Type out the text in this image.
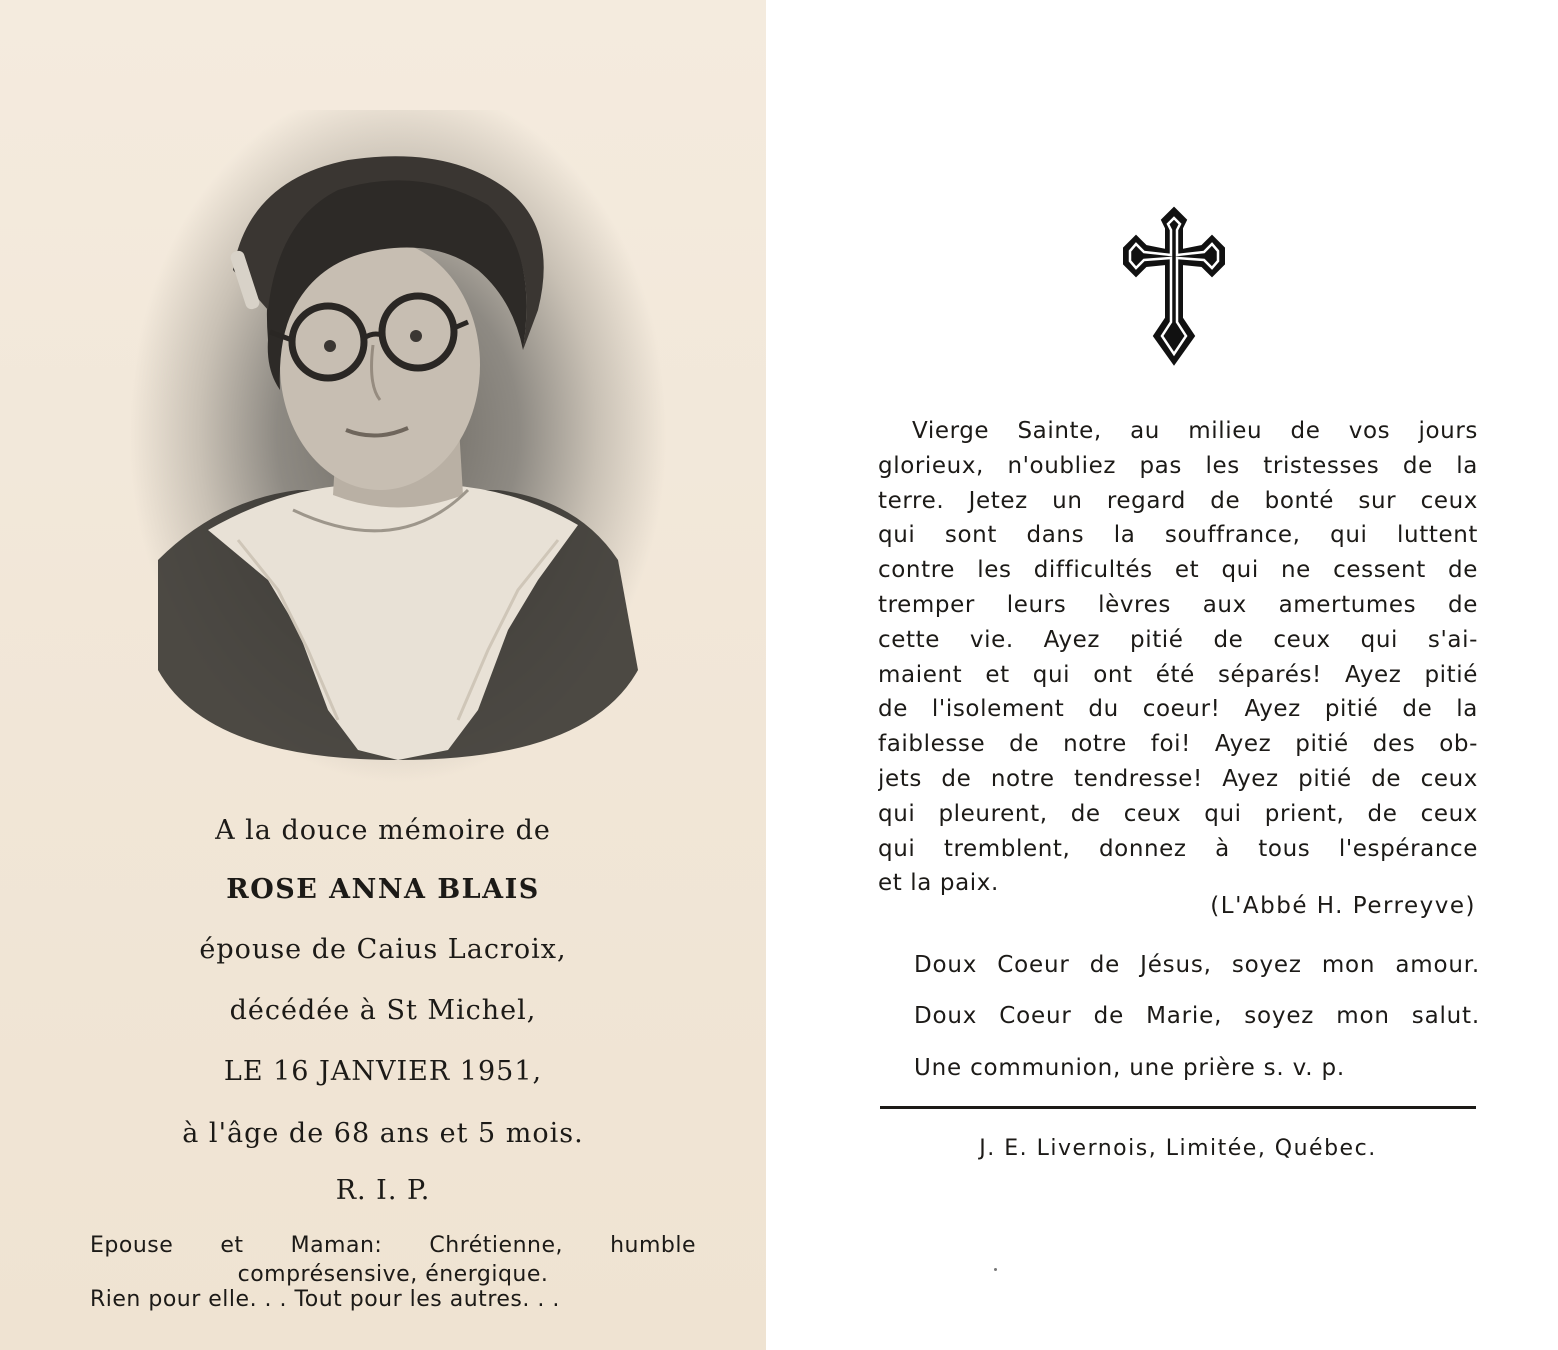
A la douce mémoire de
ROSE ANNA BLAIS
épouse de Caius Lacroix,
décédée à St Michel,
LE 16 JANVIER 1951,
à l'âge de 68 ans et 5 mois.
R. I. P.
Epouse et Maman: Chrétienne, humble
comprésensive, énergique.
Rien pour elle. . . Tout pour les autres. . .
Vierge Sainte, au milieu de vos jours
glorieux, n'oubliez pas les tristesses de la
terre. Jetez un regard de bonté sur ceux
qui sont dans la souffrance, qui luttent
contre les difficultés et qui ne cessent de
tremper leurs lèvres aux amertumes de
cette vie. Ayez pitié de ceux qui s'ai-
maient et qui ont été séparés! Ayez pitié
de l'isolement du coeur! Ayez pitié de la
faiblesse de notre foi! Ayez pitié des ob-
jets de notre tendresse! Ayez pitié de ceux
qui pleurent, de ceux qui prient, de ceux
qui tremblent, donnez à tous l'espérance
et la paix.
(L'Abbé H. Perreyve)
Doux Coeur de Jésus, soyez mon amour.
Doux Coeur de Marie, soyez mon salut.
Une communion, une prière s. v. p.
J. E. Livernois, Limitée, Québec.
